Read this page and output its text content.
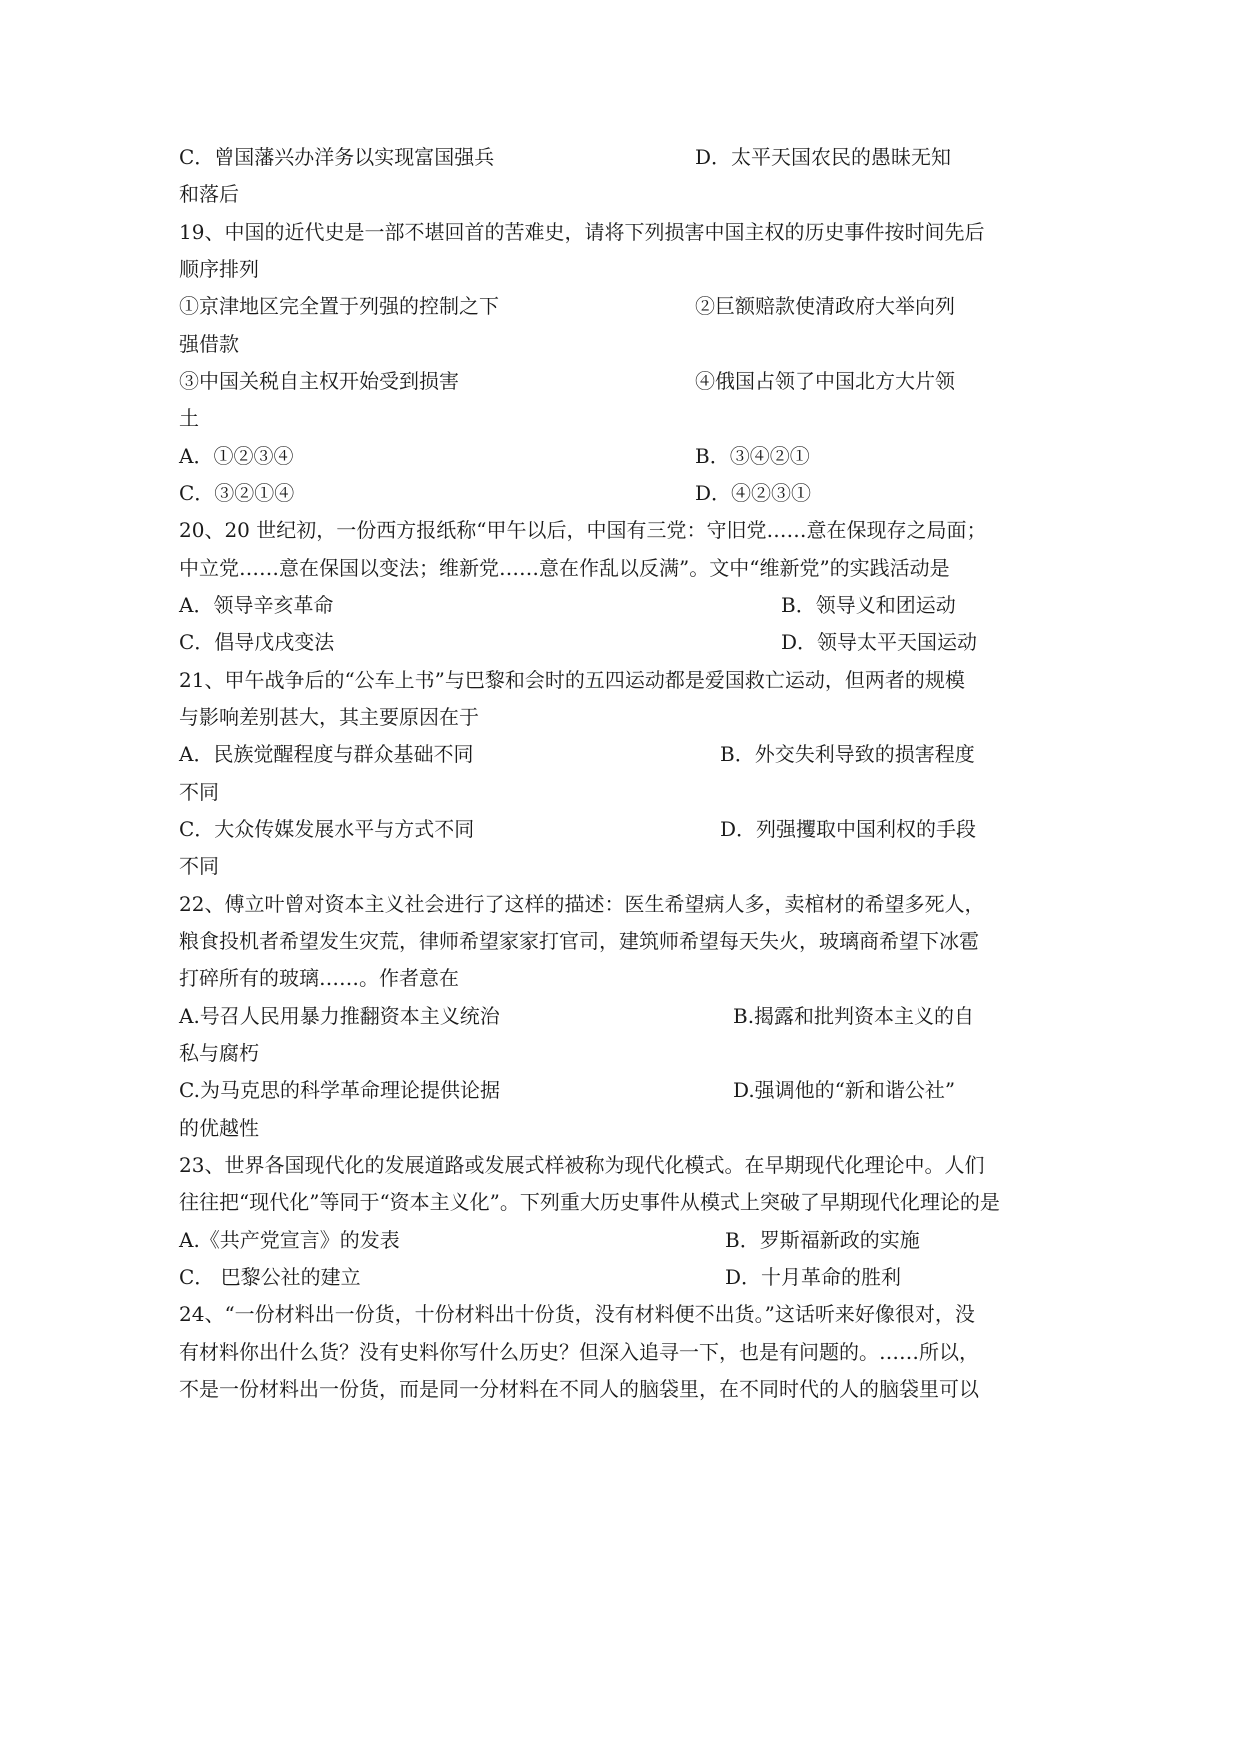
C．曾国藩兴办洋务以实现富国强兵	D．太平天国农民的愚昧无知
和落后
19、中国的近代史是一部不堪回首的苦难史，请将下列损害中国主权的历史事件按时间先后
顺序排列
①京津地区完全置于列强的控制之下	②巨额赔款使清政府大举向列
强借款
③中国关税自主权开始受到损害	④俄国占领了中国北方大片领
土
A．①②③④	B．③④②①
C．③②①④	D．④②③①
20、20 世纪初，一份西方报纸称“甲午以后，中国有三党：守旧党……意在保现存之局面；
中立党……意在保国以变法；维新党……意在作乱以反满”。文中“维新党”的实践活动是
A．领导辛亥革命	B．领导义和团运动
C．倡导戊戌变法	D．领导太平天国运动
21、甲午战争后的“公车上书”与巴黎和会时的五四运动都是爱国救亡运动，但两者的规模
与影响差别甚大，其主要原因在于
A．民族觉醒程度与群众基础不同	B．外交失利导致的损害程度
不同
C．大众传媒发展水平与方式不同	D．列强攫取中国利权的手段
不同
22、傅立叶曾对资本主义社会进行了这样的描述：医生希望病人多，卖棺材的希望多死人，
粮食投机者希望发生灾荒，律师希望家家打官司，建筑师希望每天失火，玻璃商希望下冰雹
打碎所有的玻璃……。作者意在
A.号召人民用暴力推翻资本主义统治	B.揭露和批判资本主义的自
私与腐朽
C.为马克思的科学革命理论提供论据	D.强调他的“新和谐公社”
的优越性
23、世界各国现代化的发展道路或发展式样被称为现代化模式。在早期现代化理论中。人们
往往把“现代化”等同于“资本主义化”。下列重大历史事件从模式上突破了早期现代化理论的是
A.《共产党宣言》的发表	B．罗斯福新政的实施
C． 巴黎公社的建立	D．十月革命的胜利
24、“一份材料出一份货，十份材料出十份货，没有材料便不出货。”这话听来好像很对，没
有材料你出什么货？没有史料你写什么历史？但深入追寻一下，也是有问题的。……所以，
不是一份材料出一份货，而是同一分材料在不同人的脑袋里，在不同时代的人的脑袋里可以
